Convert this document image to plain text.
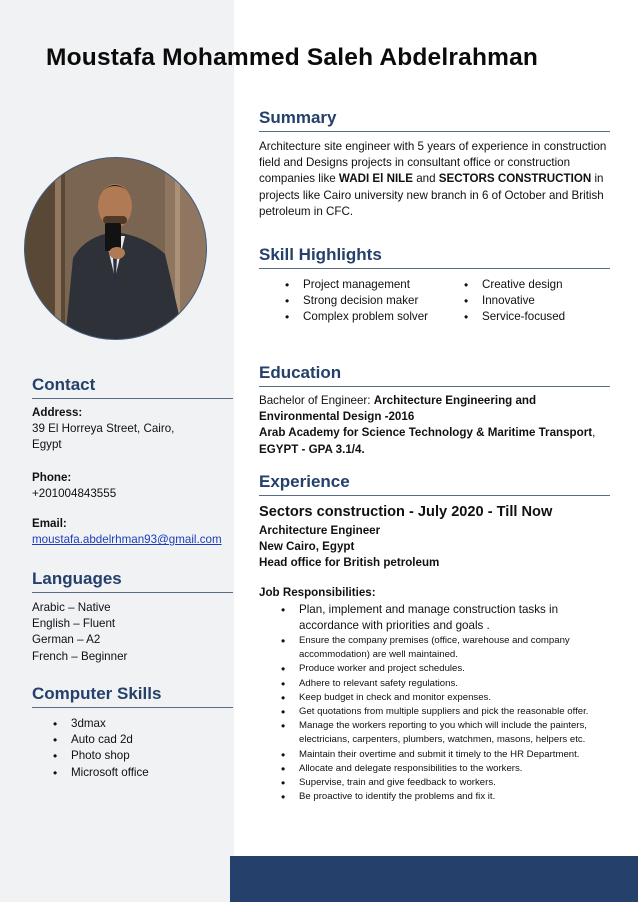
Moustafa Mohammed Saleh Abdelrahman
Summary
Architecture site engineer with 5 years of experience in construction field and Designs projects in consultant office or construction companies like WADI El NILE and SECTORS CONSTRUCTION in projects like Cairo university new branch in 6 of October and British petroleum in CFC.
Skill Highlights
• Project management
• Strong decision maker
• Complex problem solver
• Creative design
• Innovative
• Service-focused
Contact
Address:
39 El Horreya Street, Cairo,
Egypt
Phone:
+201004843555
Email:
moustafa.abdelrhman93@gmail.com
Languages
Arabic – Native
English – Fluent
German – A2
French – Beginner
Computer Skills
• 3dmax
• Auto cad 2d
• Photo shop
• Microsoft office
Education
Bachelor of Engineer: Architecture Engineering and Environmental Design -2016
Arab Academy for Science Technology & Maritime Transport,
EGYPT - GPA 3.1/4.
Experience
Sectors construction - July 2020 - Till Now
Architecture Engineer
New Cairo, Egypt
Head office for British petroleum
Job Responsibilities:
• Plan, implement and manage construction tasks in accordance with priorities and goals .
• Ensure the company premises (office, warehouse and company accommodation) are well maintained.
• Produce worker and project schedules.
• Adhere to relevant safety regulations.
• Keep budget in check and monitor expenses.
• Get quotations from multiple suppliers and pick the reasonable offer.
• Manage the workers reporting to you which will include the painters, electricians, carpenters, plumbers, watchmen, masons, helpers etc.
• Maintain their overtime and submit it timely to the HR Department.
• Allocate and delegate responsibilities to the workers.
• Supervise, train and give feedback to workers.
• Be proactive to identify the problems and fix it.
